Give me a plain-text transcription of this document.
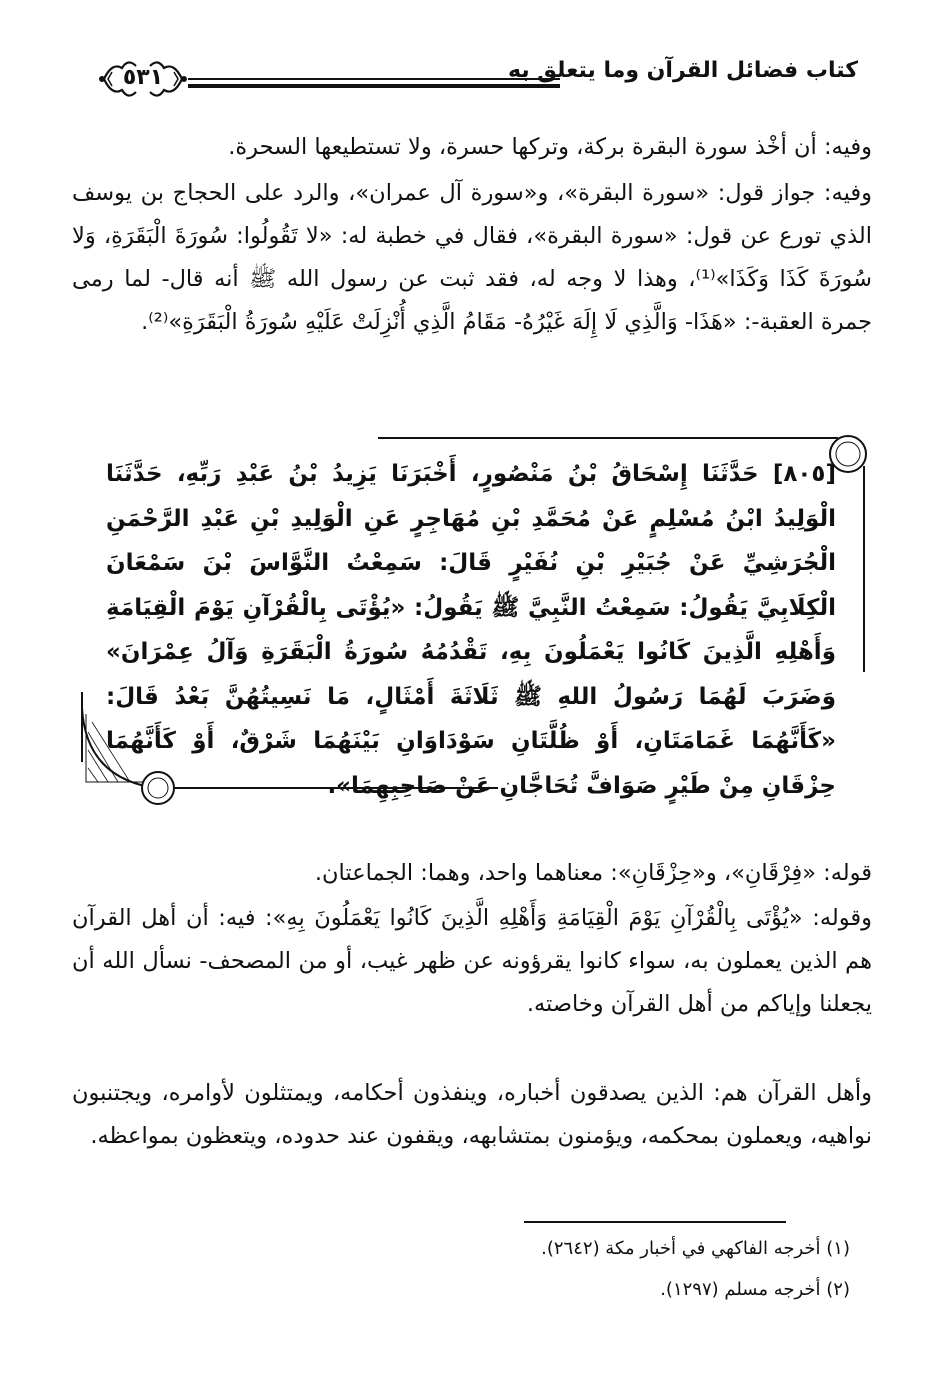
كتاب فضائل القرآن وما يتعلق به
٥٣١
وفيه: أن أخْذ سورة البقرة بركة، وتركها حسرة، ولا تستطيعها السحرة.
وفيه: جواز قول: «سورة البقرة»، و«سورة آل عمران»، والرد على الحجاج بن يوسف الذي تورع عن قول: «سورة البقرة»، فقال في خطبة له: «لا تَقُولُوا: سُورَةَ الْبَقَرَةِ، وَلا سُورَةَ كَذَا وَكَذَا»⁽¹⁾، وهذا لا وجه له، فقد ثبت عن رسول الله ﷺ أنه قال- لما رمى جمرة العقبة-: «هَذَا- وَالَّذِي لَا إِلَهَ غَيْرُهُ- مَقَامُ الَّذِي أُنْزِلَتْ عَلَيْهِ سُورَةُ الْبَقَرَةِ»⁽²⁾.
[٨٠٥] حَدَّثَنَا إِسْحَاقُ بْنُ مَنْصُورٍ، أَخْبَرَنَا يَزِيدُ بْنُ عَبْدِ رَبِّهِ، حَدَّثَنَا الْوَلِيدُ ابْنُ مُسْلِمٍ عَنْ مُحَمَّدِ بْنِ مُهَاجِرٍ عَنِ الْوَلِيدِ بْنِ عَبْدِ الرَّحْمَنِ الْجُرَشِيِّ عَنْ جُبَيْرِ بْنِ نُفَيْرٍ قَالَ: سَمِعْتُ النَّوَّاسَ بْنَ سَمْعَانَ الْكِلَابِيَّ يَقُولُ: سَمِعْتُ النَّبِيَّ ﷺ يَقُولُ: «يُؤْتَى بِالْقُرْآنِ يَوْمَ الْقِيَامَةِ وَأَهْلِهِ الَّذِينَ كَانُوا يَعْمَلُونَ بِهِ، تَقْدُمُهُ سُورَةُ الْبَقَرَةِ وَآلُ عِمْرَانَ» وَضَرَبَ لَهُمَا رَسُولُ اللهِ ﷺ ثَلَاثَةَ أَمْثَالٍ، مَا نَسِيتُهُنَّ بَعْدُ قَالَ: «كَأَنَّهُمَا غَمَامَتَانِ، أَوْ ظُلَّتَانِ سَوْدَاوَانِ بَيْنَهُمَا شَرْقٌ، أَوْ كَأَنَّهُمَا حِزْقَانِ مِنْ طَيْرٍ صَوَافَّ تُحَاجَّانِ عَنْ صَاحِبِهِمَا».
قوله: «فِرْقَانِ»، و«حِزْقَانِ»: معناهما واحد، وهما: الجماعتان.
وقوله: «يُؤْتَى بِالْقُرْآنِ يَوْمَ الْقِيَامَةِ وَأَهْلِهِ الَّذِينَ كَانُوا يَعْمَلُونَ بِهِ»: فيه: أن أهل القرآن هم الذين يعملون به، سواء كانوا يقرؤونه عن ظهر غيب، أو من المصحف- نسأل الله أن يجعلنا وإياكم من أهل القرآن وخاصته.
وأهل القرآن هم: الذين يصدقون أخباره، وينفذون أحكامه، ويمتثلون لأوامره، ويجتنبون نواهيه، ويعملون بمحكمه، ويؤمنون بمتشابهه، ويقفون عند حدوده، ويتعظون بمواعظه.
(١) أخرجه الفاكهي في أخبار مكة (٢٦٤٢).
(٢) أخرجه مسلم (١٢٩٧).
